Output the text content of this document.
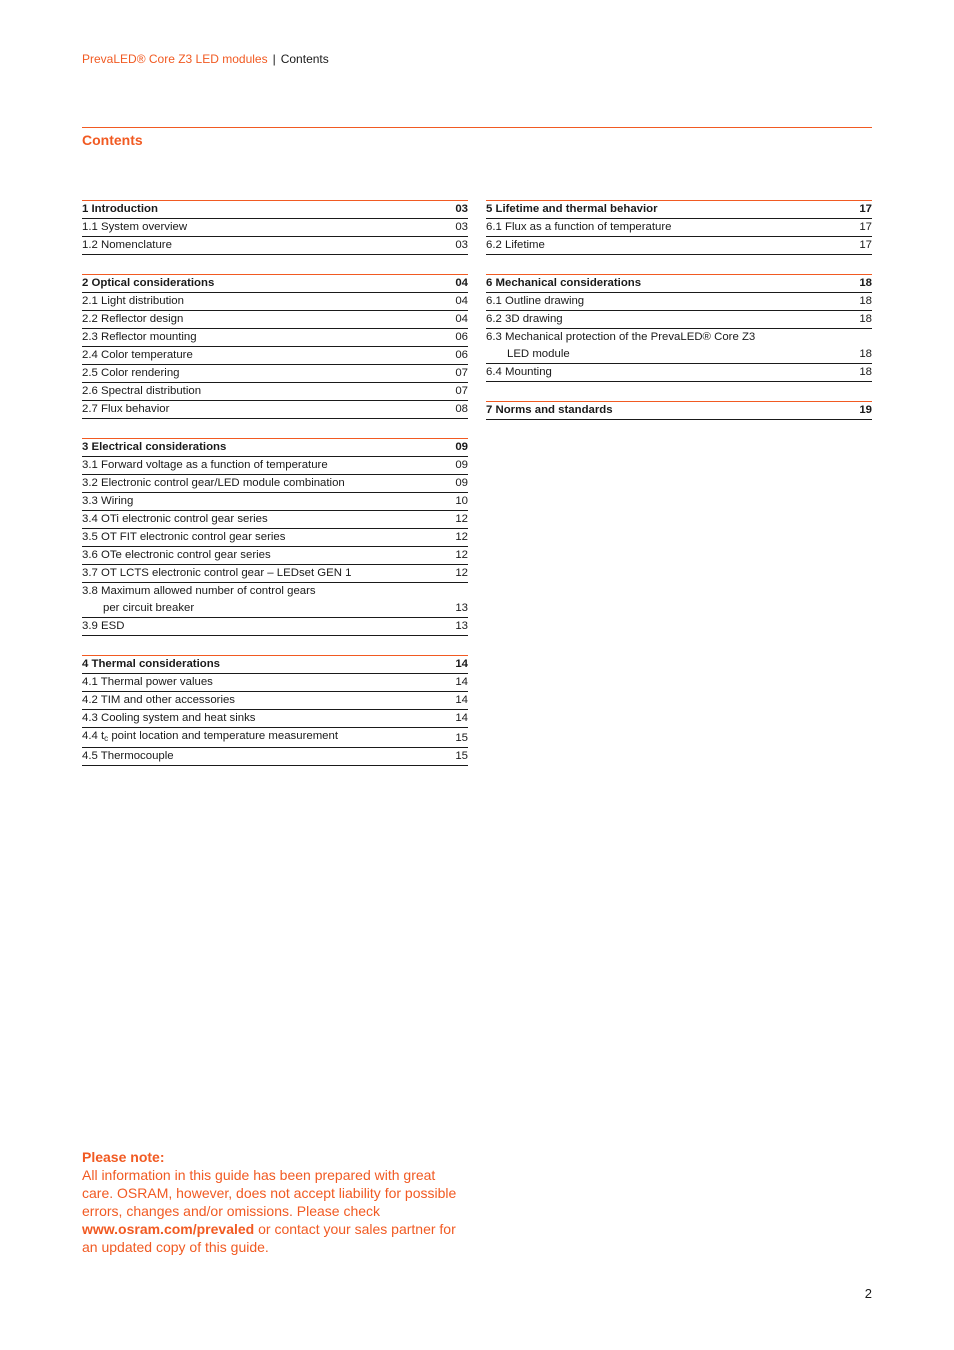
PrevaLED® Core Z3 LED modules | Contents
Contents
1 Introduction	03
1.1 System overview	03
1.2 Nomenclature	03
2 Optical considerations	04
2.1 Light distribution	04
2.2 Reflector design	04
2.3 Reflector mounting	06
2.4 Color temperature	06
2.5 Color rendering	07
2.6 Spectral distribution	07
2.7 Flux behavior	08
3 Electrical considerations	09
3.1 Forward voltage as a function of temperature	09
3.2 Electronic control gear/LED module combination	09
3.3 Wiring	10
3.4 OTi electronic control gear series	12
3.5 OT FIT electronic control gear series	12
3.6 OTe electronic control gear series	12
3.7 OT LCTS electronic control gear – LEDset GEN 1	12
3.8 Maximum allowed number of control gears
per circuit breaker	13
3.9 ESD	13
4 Thermal considerations	14
4.1 Thermal power values	14
4.2 TIM and other accessories	14
4.3 Cooling system and heat sinks	14
4.4 $t_c$ point location and temperature measurement	15
4.5 Thermocouple	15
5 Lifetime and thermal behavior	17
6.1 Flux as a function of temperature	17
6.2 Lifetime	17
6 Mechanical considerations	18
6.1 Outline drawing	18
6.2 3D drawing	18
6.3 Mechanical protection of the PrevaLED® Core Z3
LED module	18
6.4 Mounting	18
7 Norms and standards	19
Please note:
All information in this guide has been prepared with great care. OSRAM, however, does not accept liability for possible errors, changes and/or omissions. Please check www.osram.com/prevaled or contact your sales partner for an updated copy of this guide.
2
